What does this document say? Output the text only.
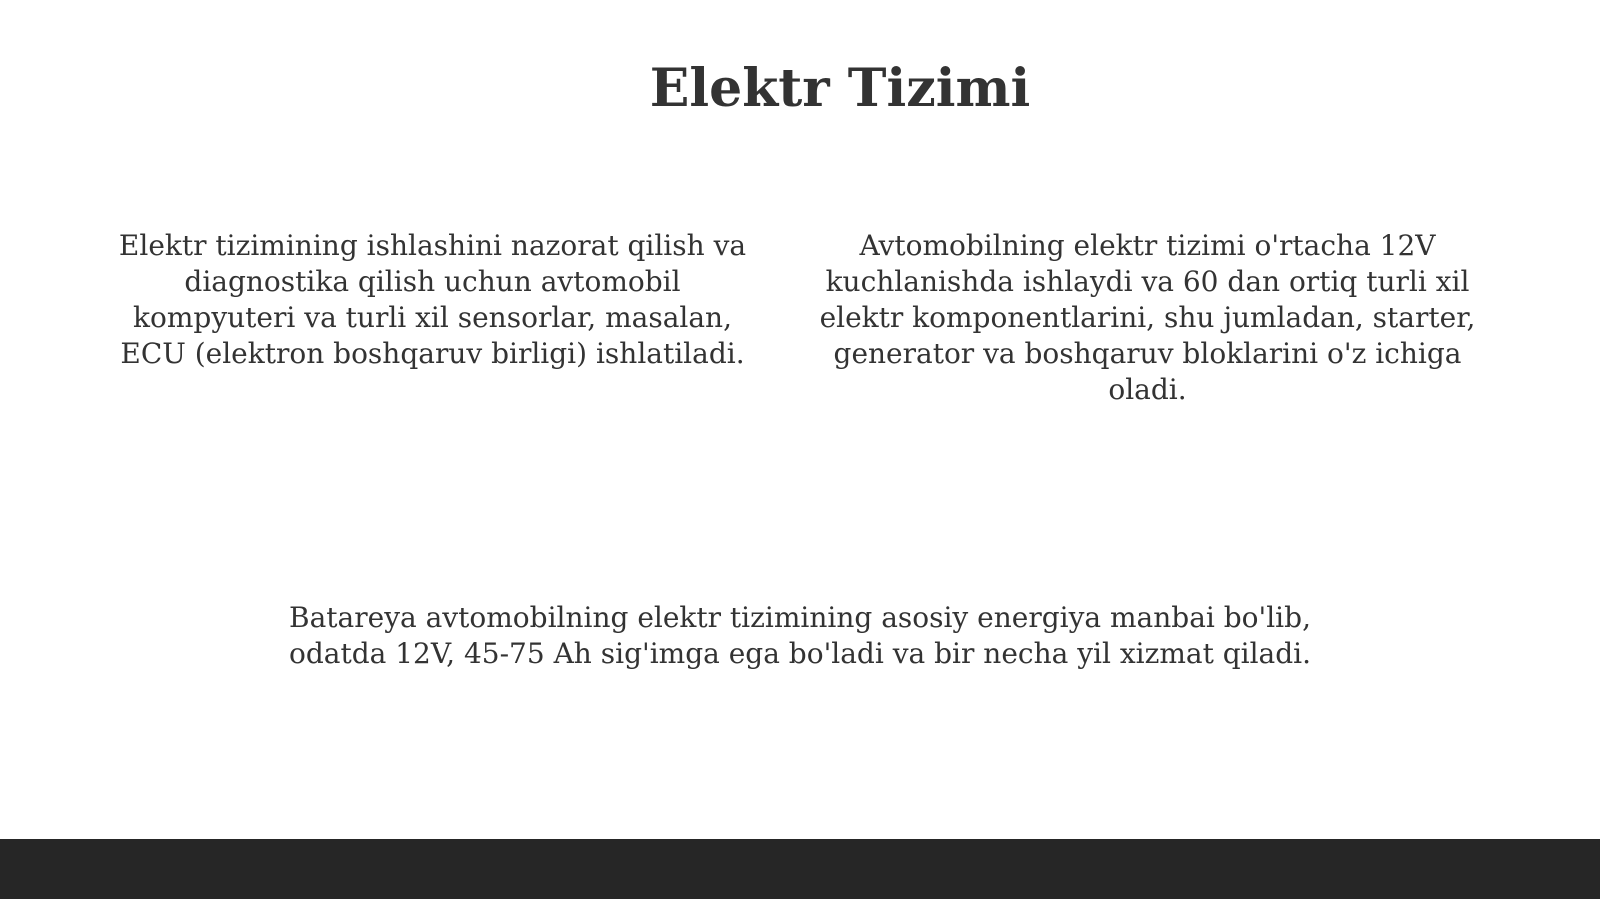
Elektr Tizimi

Elektr tizimining ishlashini nazorat qilish va diagnostika qilish uchun avtomobil kompyuteri va turli xil sensorlar, masalan, ECU (elektron boshqaruv birligi) ishlatiladi.

Avtomobilning elektr tizimi o'rtacha 12V kuchlanishda ishlaydi va 60 dan ortiq turli xil elektr komponentlarini, shu jumladan, starter, generator va boshqaruv bloklarini o'z ichiga oladi.

Batareya avtomobilning elektr tizimining asosiy energiya manbai bo'lib, odatda 12V, 45-75 Ah sig'imga ega bo'ladi va bir necha yil xizmat qiladi.
